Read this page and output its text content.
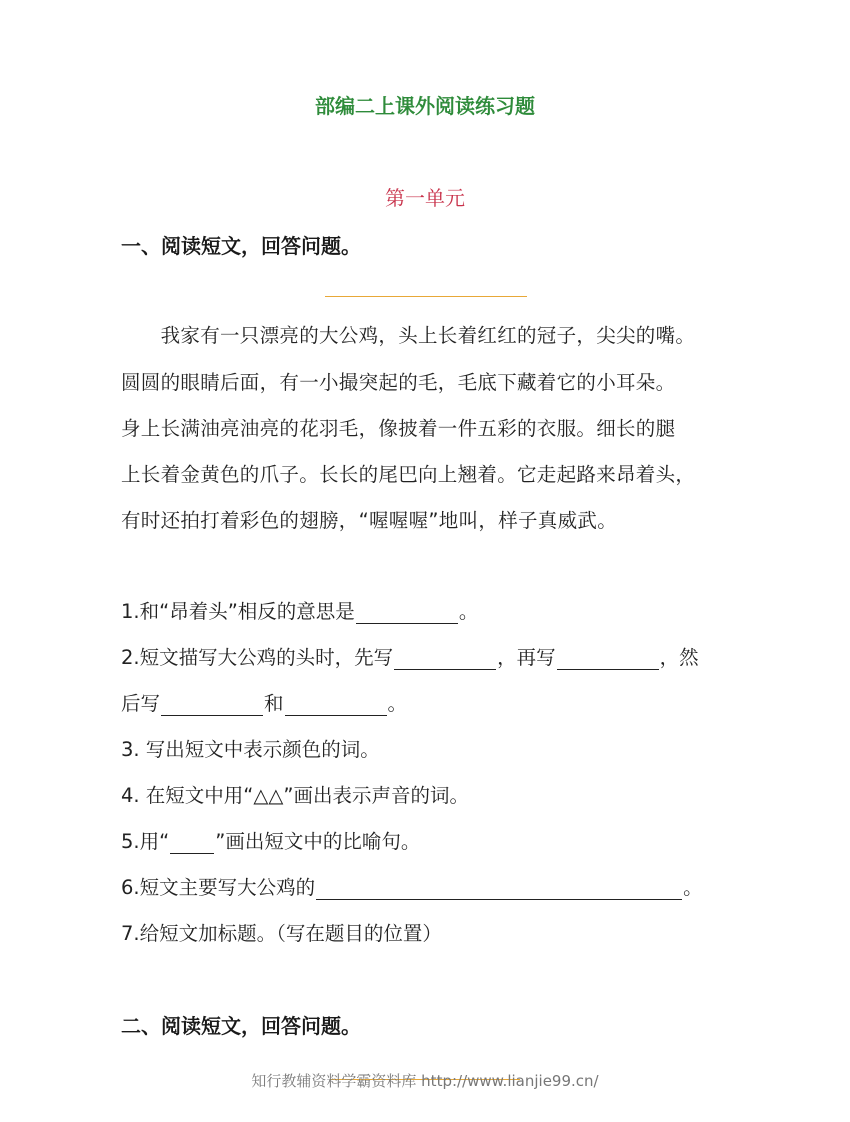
部编二上课外阅读练习题
第一单元
一、阅读短文，回答问题。
　　我家有一只漂亮的大公鸡，头上长着红红的冠子，尖尖的嘴。
圆圆的眼睛后面，有一小撮突起的毛，毛底下藏着它的小耳朵。
身上长满油亮油亮的花羽毛，像披着一件五彩的衣服。细长的腿
上长着金黄色的爪子。长长的尾巴向上翘着。它走起路来昂着头，
有时还拍打着彩色的翅膀，“喔喔喔”地叫，样子真威武。
1.和“昂着头”相反的意思是	。
2.短文描写大公鸡的头时，先写	，再写	，然
后写	和	。
3. 写出短文中表示颜色的词。
4. 在短文中用“△△”画出表示声音的词。
5.用“ ”画出短文中的比喻句。
6.短文主要写大公鸡的	。
7.给短文加标题。（写在题目的位置）
二、阅读短文，回答问题。
知行教辅资料学霸资料库 http://www.lianjie99.cn/
